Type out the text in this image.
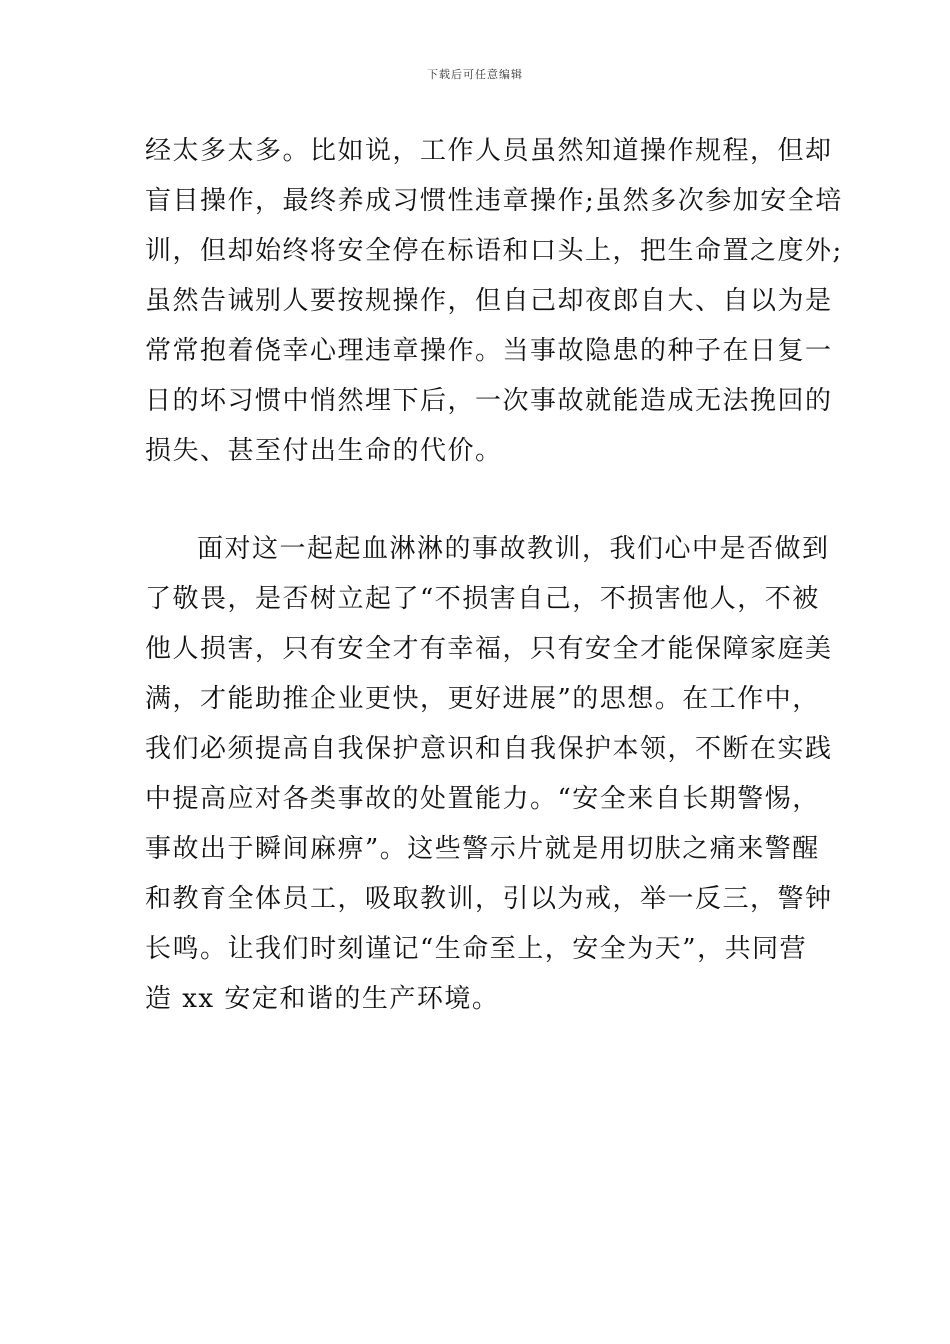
下载后可任意编辑
经太多太多。比如说，工作人员虽然知道操作规程，但却
盲目操作，最终养成习惯性违章操作;虽然多次参加安全培
训，但却始终将安全停在标语和口头上，把生命置之度外;
虽然告诫别人要按规操作，但自己却夜郎自大、自以为是
常常抱着侥幸心理违章操作。当事故隐患的种子在日复一
日的坏习惯中悄然埋下后，一次事故就能造成无法挽回的
损失、甚至付出生命的代价。
面对这一起起血淋淋的事故教训，我们心中是否做到
了敬畏，是否树立起了“不损害自己，不损害他人，不被
他人损害，只有安全才有幸福，只有安全才能保障家庭美
满，才能助推企业更快，更好进展”的思想。在工作中，
我们必须提高自我保护意识和自我保护本领，不断在实践
中提高应对各类事故的处置能力。“安全来自长期警惕，
事故出于瞬间麻痹”。这些警示片就是用切肤之痛来警醒
和教育全体员工，吸取教训，引以为戒，举一反三，警钟
长鸣。让我们时刻谨记“生命至上，安全为天”，共同营
造 xx 安定和谐的生产环境。
